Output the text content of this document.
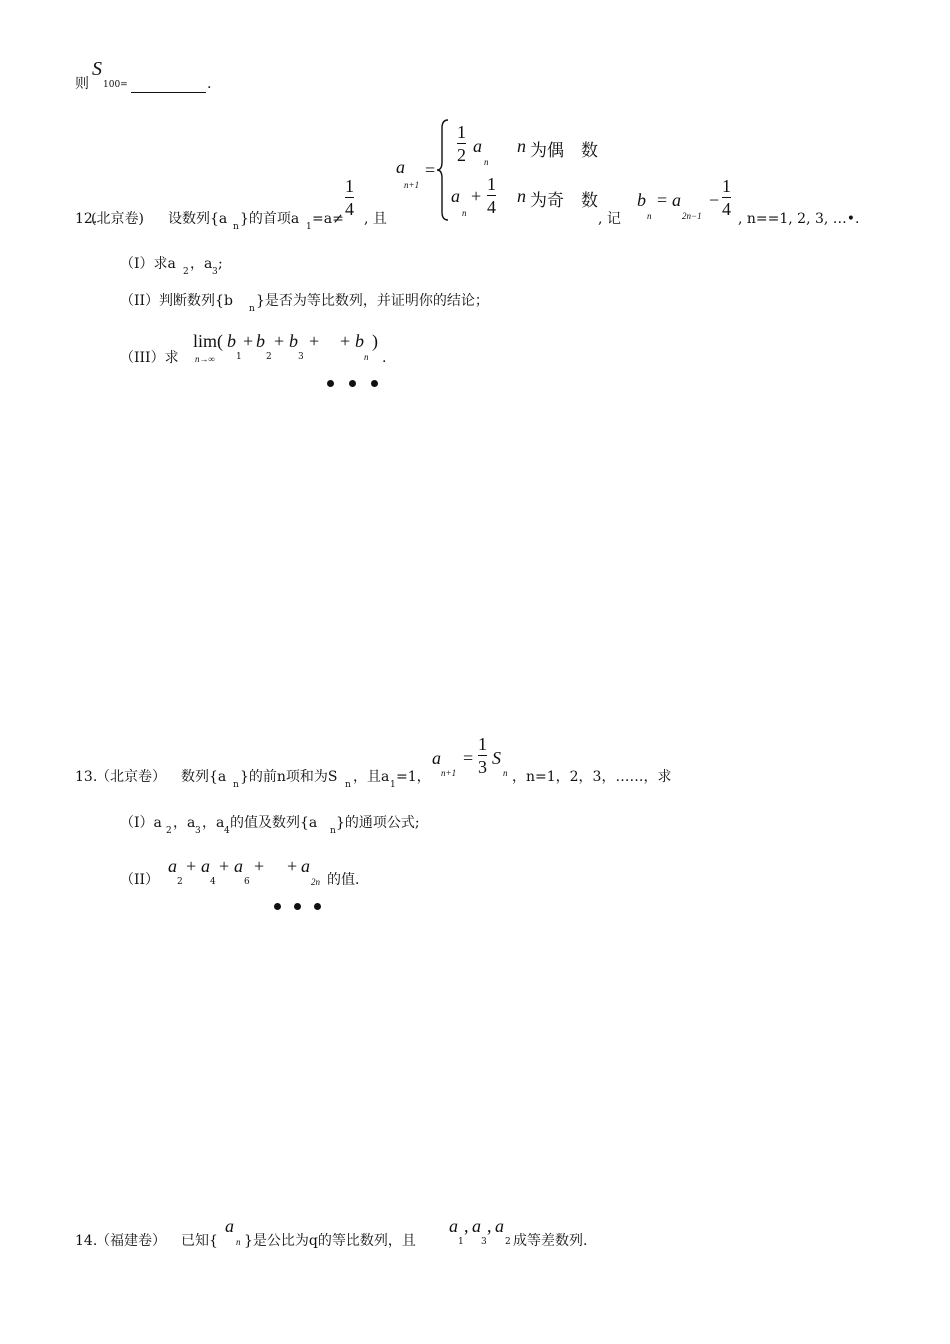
则
S
100=	.
12.
(北京卷) 设数列{a n }的首项a 1 =a≠
1
4 , 且
a
n+1
=
1
2 a
n
n 为偶　数
a
n
+
1
4
n 为奇　数
, 记
b
n
= a
2n−1
−
1
4 , n==1, 2, 3, …•.
（I）求a 2 ，a 3 ;
（II）判断数列{b n }是否为等比数列，并证明你的结论；
（III）求
lim(
n→∞
b
1
+ b
2
+ b
3
+ + b
n
)
.
13.
（北京卷） 数列{a n }的前n项和为S n ，且a 1 =1，
a
n+1
=
1
3 S
n ，n=1，2，3，……，求
（I）a 2 ，a 3 ，a 4 的值及数列{a n }的通项公式;
（II）
a
2
+ a
4
+ a
6
+ + a
2n 的值.
14.
（福建卷） 已知{
a
n }是公比为q的等比数列，且
a
1
, a
3
, a
2 成等差数列.
